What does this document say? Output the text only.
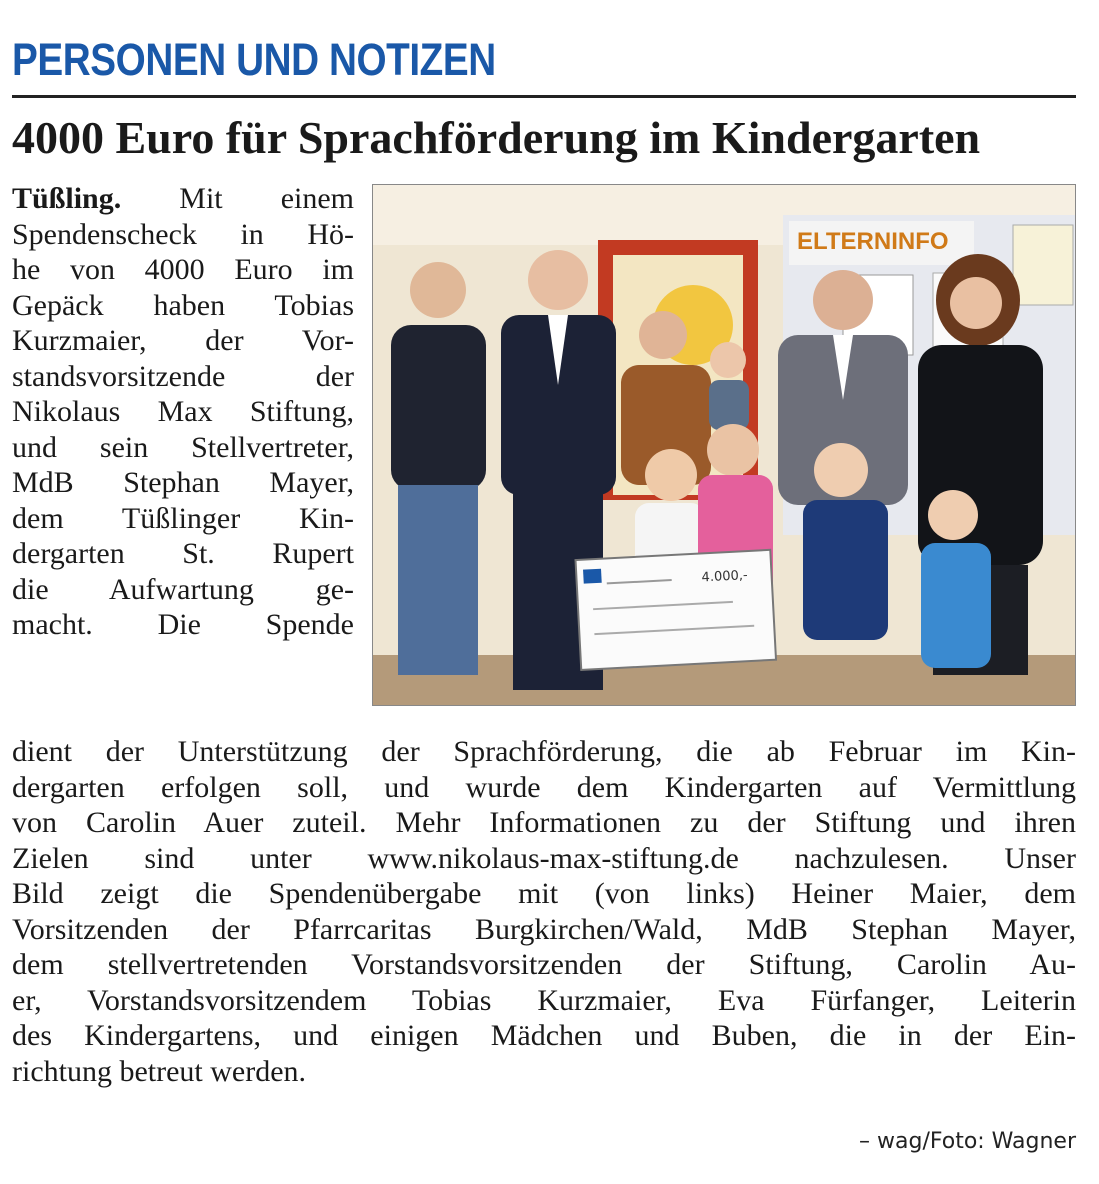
PERSONEN UND NOTIZEN
4000 Euro für Sprachförderung im Kindergarten
ELTERNINFO
4.000,-
Tüßling. Mit einem
Spendenscheck in Hö-
he von 4000 Euro im
Gepäck haben Tobias
Kurzmaier, der Vor-
standsvorsitzende der
Nikolaus Max Stiftung,
und sein Stellvertreter,
MdB Stephan Mayer,
dem Tüßlinger Kin-
dergarten St. Rupert
die Aufwartung ge-
macht. Die Spende
dient der Unterstützung der Sprachförderung, die ab Februar im Kin-
dergarten erfolgen soll, und wurde dem Kindergarten auf Vermittlung
von Carolin Auer zuteil. Mehr Informationen zu der Stiftung und ihren
Zielen sind unter www.nikolaus-max-stiftung.de nachzulesen. Unser
Bild zeigt die Spendenübergabe mit (von links) Heiner Maier, dem
Vorsitzenden der Pfarrcaritas Burgkirchen/Wald, MdB Stephan Mayer,
dem stellvertretenden Vorstandsvorsitzenden der Stiftung, Carolin Au-
er, Vorstandsvorsitzendem Tobias Kurzmaier, Eva Fürfanger, Leiterin
des Kindergartens, und einigen Mädchen und Buben, die in der Ein-
richtung betreut werden.
– wag/Foto: Wagner
